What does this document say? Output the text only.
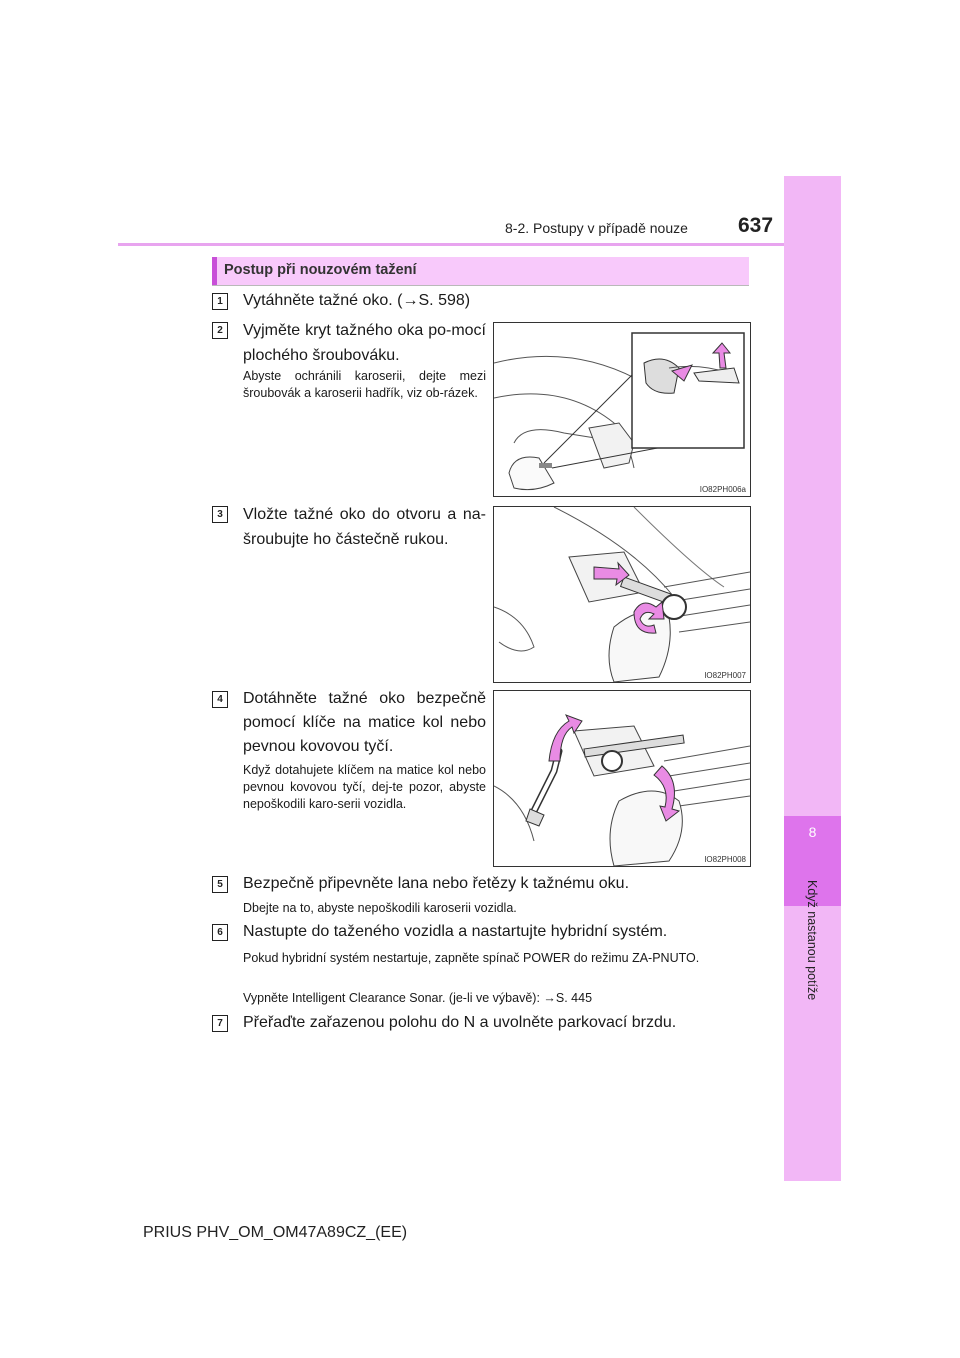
8
Když nastanou potíže
8-2. Postupy v případě nouze 637
Postup při nouzovém tažení
1	Vytáhněte tažné oko. (→S. 598)
2	Vyjměte kryt tažného oka po-mocí plochého šroubováku.
Abyste ochránili karoserii, dejte mezi šroubovák a karoserii hadřík, viz ob-rázek.
IO82PH006a
3	Vložte tažné oko do otvoru a na-šroubujte ho částečně rukou.
IO82PH007
4	Dotáhněte tažné oko bezpečně pomocí klíče na matice kol nebo pevnou kovovou tyčí.
Když dotahujete klíčem na matice kol nebo pevnou kovovou tyčí, dej-te pozor, abyste nepoškodili karo-serii vozidla.
IO82PH008
5	Bezpečně připevněte lana nebo řetězy k tažnému oku.
Dbejte na to, abyste nepoškodili karoserii vozidla.
6	Nastupte do taženého vozidla a nastartujte hybridní systém.
Pokud hybridní systém nestartuje, zapněte spínač POWER do režimu ZA-PNUTO.
Vypněte Intelligent Clearance Sonar. (je-li ve výbavě): →S. 445
7	Přeřaďte zařazenou polohu do N a uvolněte parkovací brzdu.
PRIUS PHV_OM_OM47A89CZ_(EE)
